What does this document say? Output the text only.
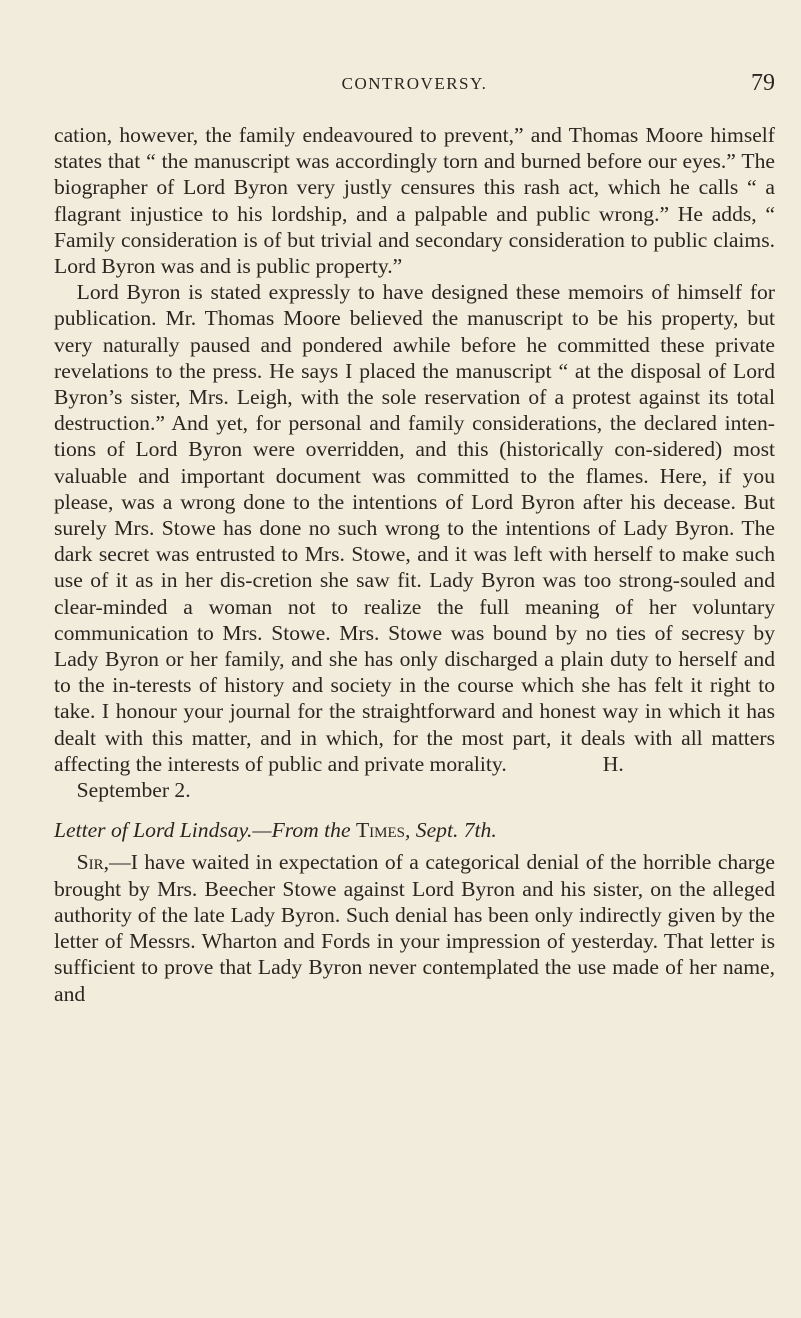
CONTROVERSY.	79

cation, however, the family endeavoured to prevent,” and Thomas Moore himself states that “ the manuscript was accordingly torn and burned before our eyes.” The biographer of Lord Byron very justly censures this rash act, which he calls “ a flagrant injustice to his lordship, and a palpable and public wrong.” He adds, “ Family consideration is of but trivial and secondary consideration to public claims. Lord Byron was and is public property.”

Lord Byron is stated expressly to have designed these memoirs of himself for publication. Mr. Thomas Moore believed the manuscript to be his property, but very naturally paused and pondered awhile before he committed these private revelations to the press. He says I placed the manuscript “ at the disposal of Lord Byron’s sister, Mrs. Leigh, with the sole reservation of a protest against its total destruction.” And yet, for personal and family considerations, the declared inten-tions of Lord Byron were overridden, and this (historically con-sidered) most valuable and important document was committed to the flames. Here, if you please, was a wrong done to the intentions of Lord Byron after his decease. But surely Mrs. Stowe has done no such wrong to the intentions of Lady Byron. The dark secret was entrusted to Mrs. Stowe, and it was left with herself to make such use of it as in her dis-cretion she saw fit. Lady Byron was too strong-souled and clear-minded a woman not to realize the full meaning of her voluntary communication to Mrs. Stowe. Mrs. Stowe was bound by no ties of secresy by Lady Byron or her family, and she has only discharged a plain duty to herself and to the in-terests of history and society in the course which she has felt it right to take. I honour your journal for the straightforward and honest way in which it has dealt with this matter, and in which, for the most part, it deals with all matters affecting the interests of public and private morality.	H.

September 2.

Letter of Lord Lindsay.—From the Times, Sept. 7th.

Sir,—I have waited in expectation of a categorical denial of the horrible charge brought by Mrs. Beecher Stowe against Lord Byron and his sister, on the alleged authority of the late Lady Byron. Such denial has been only indirectly given by the letter of Messrs. Wharton and Fords in your impression of yesterday. That letter is sufficient to prove that Lady Byron never contemplated the use made of her name, and
